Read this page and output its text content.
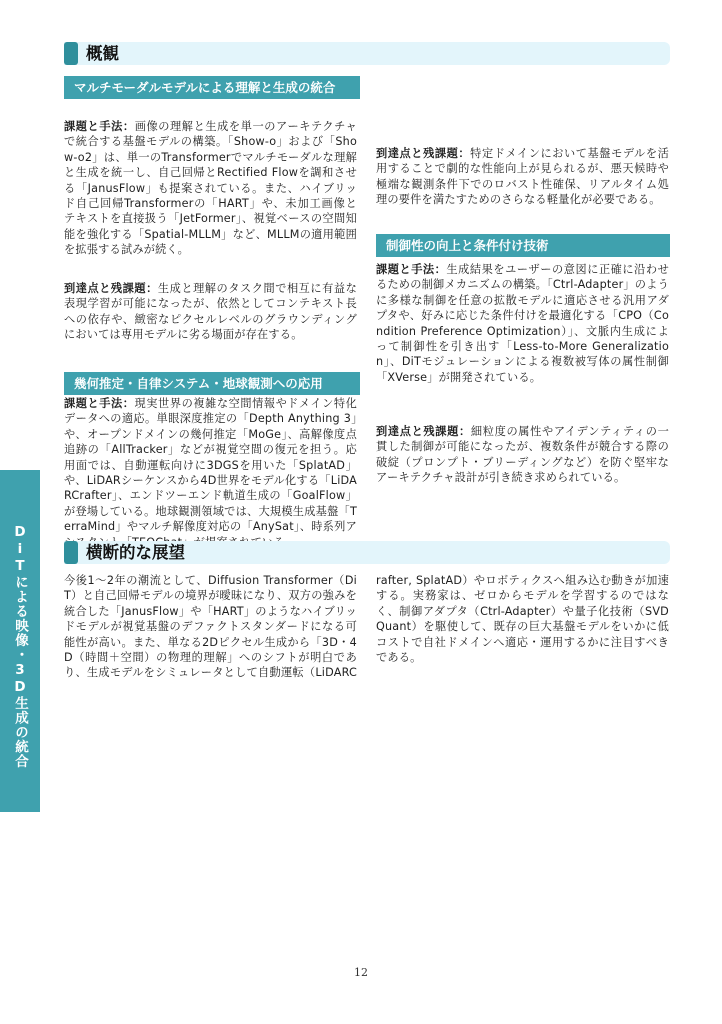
DiTによる映像・3D生成の統合
概観
マルチモーダルモデルによる理解と生成の統合

課題と手法：画像の理解と生成を単一のアーキテクチャで統合する基盤モデルの構築。「Show-o」および「Show-o2」は、単一のTransformerでマルチモーダルな理解と生成を統一し、自己回帰とRectified Flowを調和させる「JanusFlow」も提案されている。また、ハイブリッド自己回帰Transformerの「HART」や、未加工画像とテキストを直接扱う「JetFormer」、視覚ベースの空間知能を強化する「Spatial-MLLM」など、MLLMの適用範囲を拡張する試みが続く。

到達点と残課題：生成と理解のタスク間で相互に有益な表現学習が可能になったが、依然としてコンテキスト長への依存や、緻密なピクセルレベルのグラウンディングにおいては専用モデルに劣る場面が存在する。

幾何推定・自律システム・地球観測への応用

課題と手法：現実世界の複雑な空間情報やドメイン特化データへの適応。単眼深度推定の「Depth Anything 3」や、オープンドメインの幾何推定「MoGe」、高解像度点追跡の「AllTracker」などが視覚空間の復元を担う。応用面では、自動運転向けに3DGSを用いた「SplatAD」や、LiDARシーケンスから4D世界をモデル化する「LiDARCrafter」、エンドツーエンド軌道生成の「GoalFlow」が登場している。地球観測領域では、大規模生成基盤「TerraMind」やマルチ解像度対応の「AnySat」、時系列ア

到達点と残課題：特定ドメインにおいて基盤モデルを活用することで劇的な性能向上が見られるが、悪天候時や極端な観測条件下でのロバスト性確保、リアルタイム処理の要件を満たすためのさらなる軽量化が必要である。

制御性の向上と条件付け技術

課題と手法：生成結果をユーザーの意図に正確に沿わせるための制御メカニズムの構築。「Ctrl-Adapter」のように多様な制御を任意の拡散モデルに適応させる汎用アダプタや、好みに応じた条件付けを最適化する「CPO（Condition Preference Optimization）」、文脈内生成によって制御性を引き出す「Less-to-More Generalization」、DiTモジュレーションによる複数被写体の属性制御「XVerse」が開発されている。

到達点と残課題：細粒度の属性やアイデンティティの一貫した制御が可能になったが、複数条件が競合する際の破綻（プロンプト・ブリーディングなど）を防ぐ堅牢なアーキテクチャ設計が引き続き求められている。

横断的な展望

今後1～2年の潮流として、Diffusion Transformer（DiT）と自己回帰モデルの境界が曖昧になり、双方の強みを統合した「JanusFlow」や「HART」のようなハイブリッドモデルが視覚基盤のデファクトスタンダードになる可能性が高い。また、単なる2Dピクセル生成から「3D・4D（時間＋空間）の物理的理解」へのシフトが明白であり、生成モデルをシミュレータとして自動運転（LiDARCrafter, SplatAD）やロボティクスへ組み込む動きが加速する。実務家は、ゼロからモデルを学習するのではなく、制御アダプタ（Ctrl-Adapter）や量子化技術（SVDQuant）を駆使して、既存の巨大基盤モデルをいかに低コストで自社ドメインへ適応・運用するかに注目すべきである。

12
